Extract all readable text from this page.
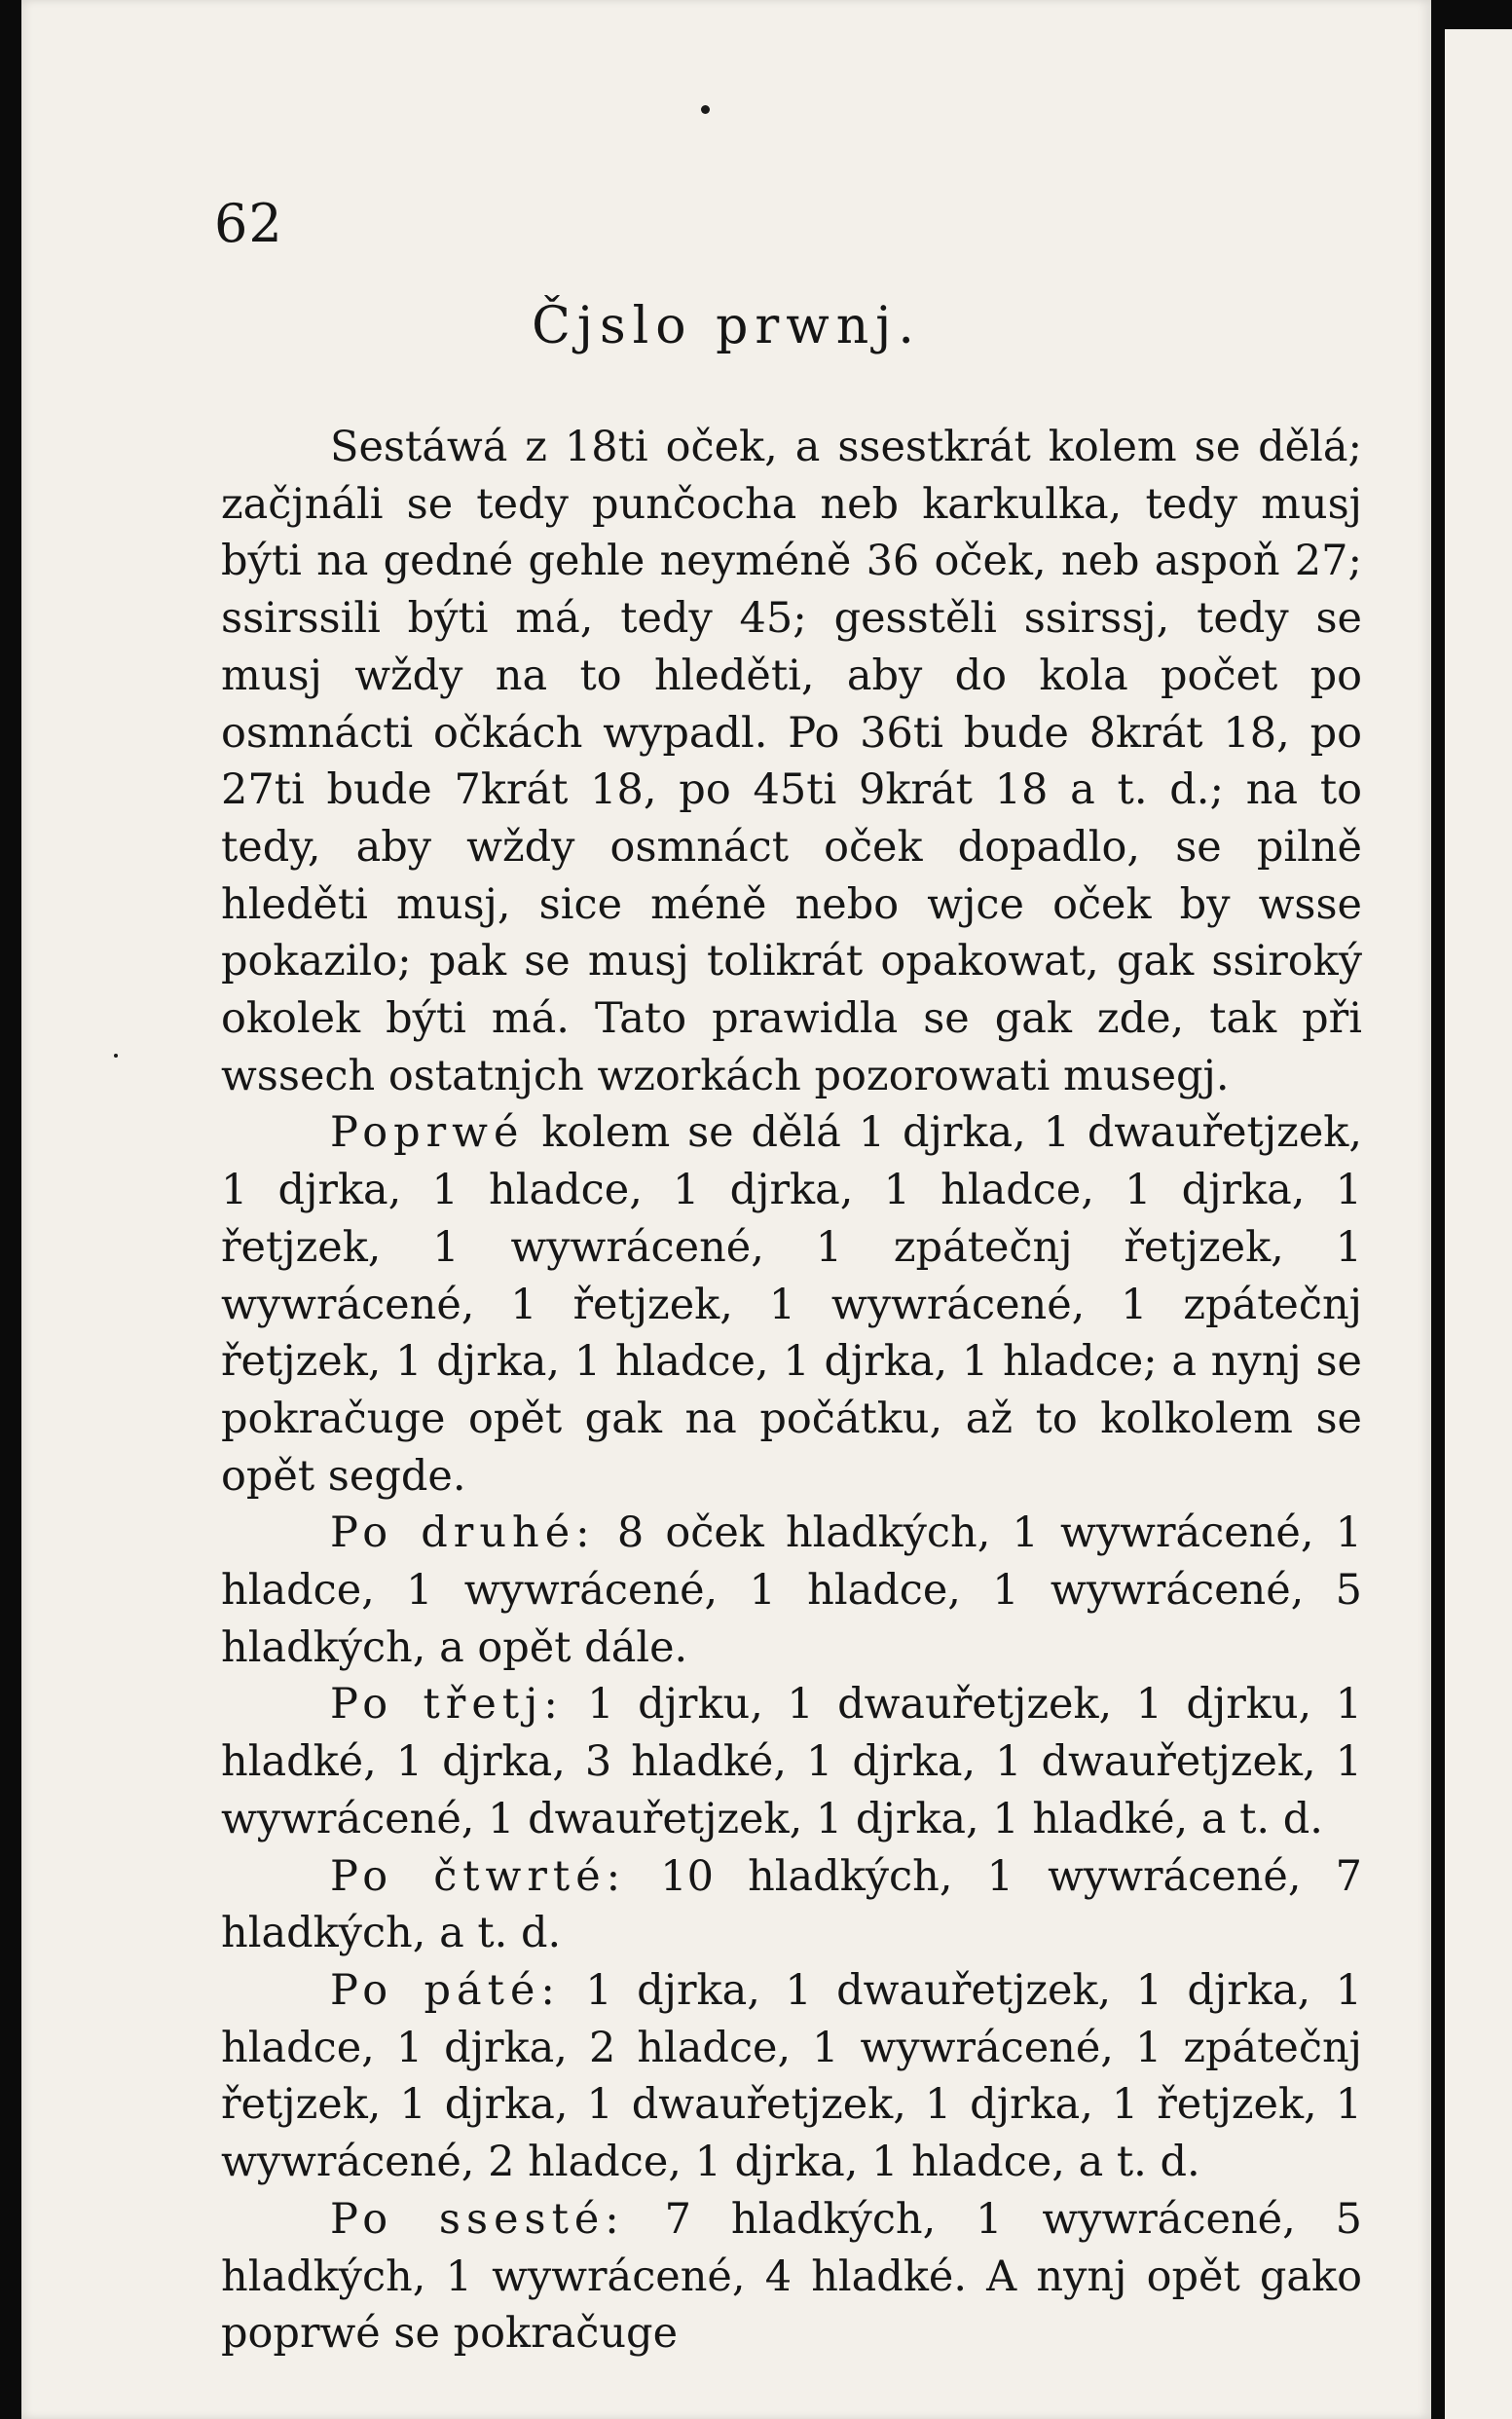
62
Čjslo prwnj.

Sestáwá z 18ti oček, a ssestkrát kolem se dělá; začjnáli se tedy punčocha neb karkulka, tedy musj býti na gedné gehle neyméně 36 oček, neb aspoň 27; ssirssili býti má, tedy 45; gesstěli ssirssj, tedy se musj wždy na to hleděti, aby do kola počet po osmnácti očkách wypadl. Po 36ti bude 8krát 18, po 27ti bude 7krát 18, po 45ti 9krát 18 a t. d.; na to tedy, aby wždy osmnáct oček dopadlo, se pilně hleděti musj, sice méně nebo wjce oček by wsse pokazilo; pak se musj tolikrát opakowat, gak ssiroký okolek býti má. Tato prawidla se gak zde, tak při wssech ostatnjch wzorkách pozorowati musegj.

Poprwé kolem se dělá 1 djrka, 1 dwauřetjzek, 1 djrka, 1 hladce, 1 djrka, 1 hladce, 1 djrka, 1 řetjzek, 1 wywrácené, 1 zpátečnj řetjzek, 1 wywrácené, 1 řetjzek, 1 wywrácené, 1 zpátečnj řetjzek, 1 djrka, 1 hladce, 1 djrka, 1 hladce; a nynj se pokračuge opět gak na počátku, až to kolkolem se opět segde.

Po druhé: 8 oček hladkých, 1 wywrácené, 1 hladce, 1 wywrácené, 1 hladce, 1 wywrácené, 5 hladkých, a opět dále.

Po třetj: 1 djrku, 1 dwauřetjzek, 1 djrku, 1 hladké, 1 djrka, 3 hladké, 1 djrka, 1 dwauřetjzek, 1 wywrácené, 1 dwauřetjzek, 1 djrka, 1 hladké, a t. d.

Po čtwrté: 10 hladkých, 1 wywrácené, 7 hladkých, a t. d.

Po páté: 1 djrka, 1 dwauřetjzek, 1 djrka, 1 hladce, 1 djrka, 2 hladce, 1 wywrácené, 1 zpátečnj řetjzek, 1 djrka, 1 dwauřetjzek, 1 djrka, 1 řetjzek, 1 wywrácené, 2 hladce, 1 djrka, 1 hladce, a t. d.

Po ssesté: 7 hladkých, 1 wywrácené, 5 hladkých, 1 wywrácené, 4 hladké. A nynj opět gako poprwé se pokračuge
